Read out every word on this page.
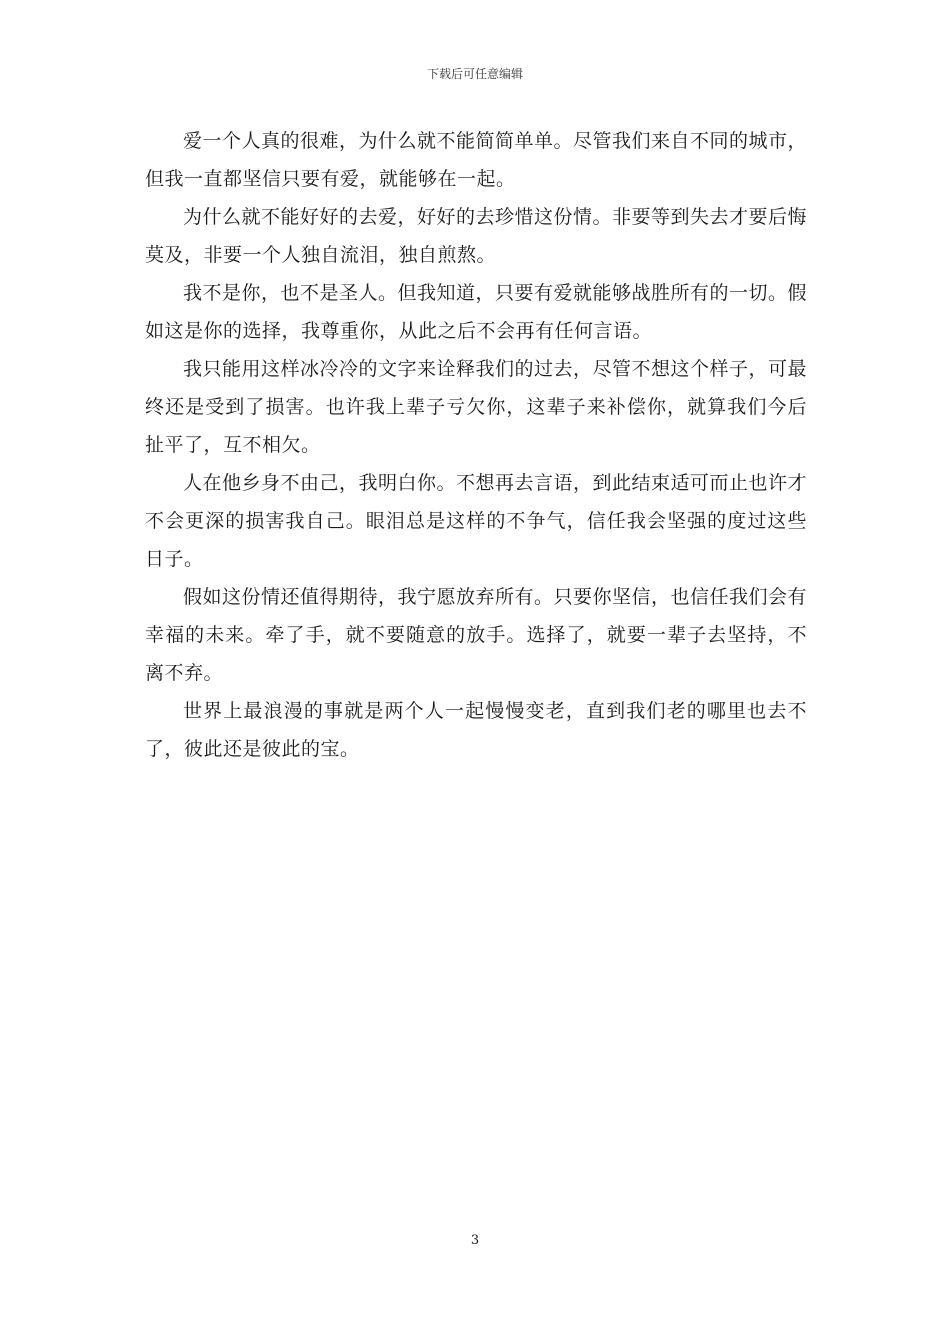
下载后可任意编辑

爱一个人真的很难，为什么就不能简简单单。尽管我们来自不同的城市，但我一直都坚信只要有爱，就能够在一起。

为什么就不能好好的去爱，好好的去珍惜这份情。非要等到失去才要后悔莫及，非要一个人独自流泪，独自煎熬。

我不是你，也不是圣人。但我知道，只要有爱就能够战胜所有的一切。假如这是你的选择，我尊重你，从此之后不会再有任何言语。

我只能用这样冰冷冷的文字来诠释我们的过去，尽管不想这个样子，可最终还是受到了损害。也许我上辈子亏欠你，这辈子来补偿你，就算我们今后扯平了，互不相欠。

人在他乡身不由己，我明白你。不想再去言语，到此结束适可而止也许才不会更深的损害我自己。眼泪总是这样的不争气，信任我会坚强的度过这些日子。

假如这份情还值得期待，我宁愿放弃所有。只要你坚信，也信任我们会有幸福的未来。牵了手，就不要随意的放手。选择了，就要一辈子去坚持，不离不弃。

世界上最浪漫的事就是两个人一起慢慢变老，直到我们老的哪里也去不了，彼此还是彼此的宝。

3
